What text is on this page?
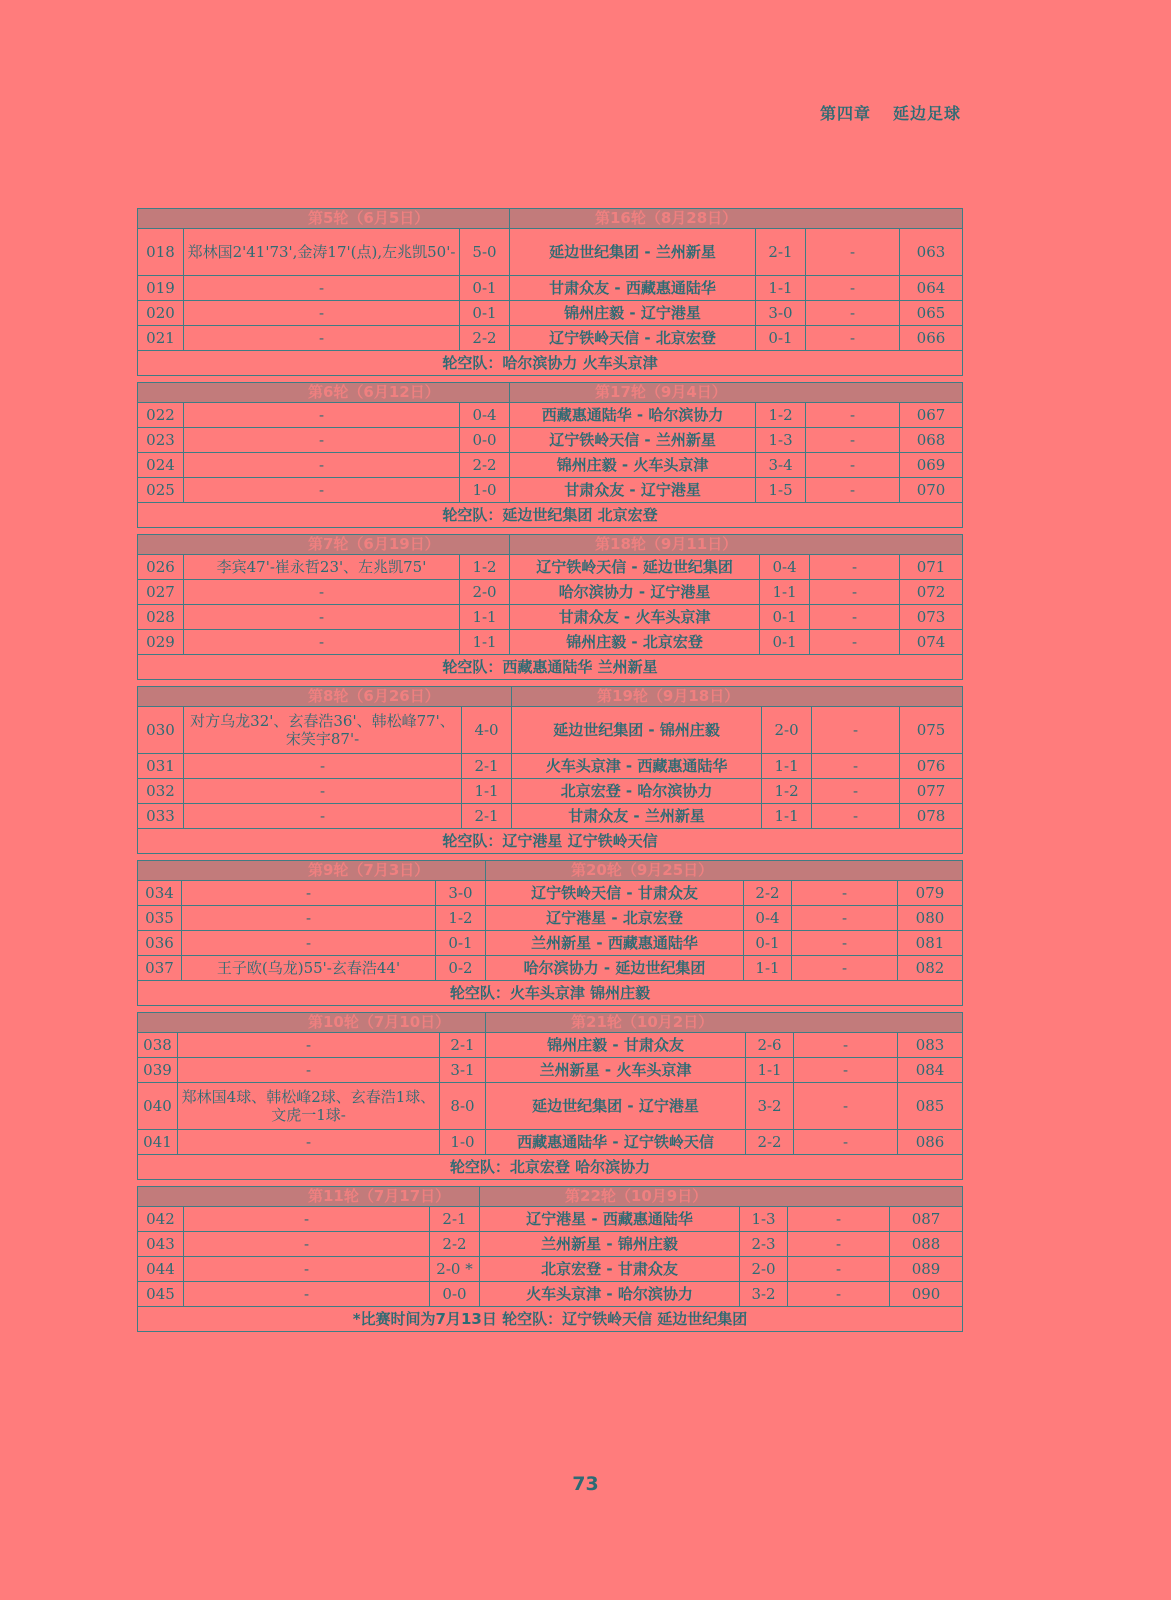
第四章 延边足球
第5轮（6月5日）			第16轮（8月28日）			
018	郑林国2'41'73',金涛17'(点),左兆凯50'-	5-0	延边世纪集团 - 兰州新星	2-1	-	063
019	-	0-1	甘肃众友 - 西藏惠通陆华	1-1	-	064
020	-	0-1	锦州庄毅 - 辽宁港星	3-0	-	065
021	-	2-2	辽宁铁岭天信 - 北京宏登	0-1	-	066
轮空队：哈尔滨协力 火车头京津						
第6轮（6月12日）			第17轮（9月4日）			
022	-	0-4	西藏惠通陆华 - 哈尔滨协力	1-2	-	067
023	-	0-0	辽宁铁岭天信 - 兰州新星	1-3	-	068
024	-	2-2	锦州庄毅 - 火车头京津	3-4	-	069
025	-	1-0	甘肃众友 - 辽宁港星	1-5	-	070
轮空队：延边世纪集团 北京宏登						
第7轮（6月19日）			第18轮（9月11日）			
026	李宾47'-崔永哲23'、左兆凯75'	1-2	辽宁铁岭天信 - 延边世纪集团	0-4	-	071
027	-	2-0	哈尔滨协力 - 辽宁港星	1-1	-	072
028	-	1-1	甘肃众友 - 火车头京津	0-1	-	073
029	-	1-1	锦州庄毅 - 北京宏登	0-1	-	074
轮空队：西藏惠通陆华 兰州新星						
第8轮（6月26日）			第19轮（9月18日）			
030	对方乌龙32'、玄春浩36'、韩松峰77'、宋笑宇87'-	4-0	延边世纪集团 - 锦州庄毅	2-0	-	075
031	-	2-1	火车头京津 - 西藏惠通陆华	1-1	-	076
032	-	1-1	北京宏登 - 哈尔滨协力	1-2	-	077
033	-	2-1	甘肃众友 - 兰州新星	1-1	-	078
轮空队：辽宁港星 辽宁铁岭天信						
第9轮（7月3日）			第20轮（9月25日）			
034	-	3-0	辽宁铁岭天信 - 甘肃众友	2-2	-	079
035	-	1-2	辽宁港星 - 北京宏登	0-4	-	080
036	-	0-1	兰州新星 - 西藏惠通陆华	0-1	-	081
037	王子欧(乌龙)55'-玄春浩44'	0-2	哈尔滨协力 - 延边世纪集团	1-1	-	082
轮空队：火车头京津 锦州庄毅						
第10轮（7月10日）			第21轮（10月2日）			
038	-	2-1	锦州庄毅 - 甘肃众友	2-6	-	083
039	-	3-1	兰州新星 - 火车头京津	1-1	-	084
040	郑林国4球、韩松峰2球、玄春浩1球、文虎一1球-	8-0	延边世纪集团 - 辽宁港星	3-2	-	085
041	-	1-0	西藏惠通陆华 - 辽宁铁岭天信	2-2	-	086
轮空队：北京宏登 哈尔滨协力						
第11轮（7月17日）			第22轮（10月9日）			
042	-	2-1	辽宁港星 - 西藏惠通陆华	1-3	-	087
043	-	2-2	兰州新星 - 锦州庄毅	2-3	-	088
044	-	2-0 *	北京宏登 - 甘肃众友	2-0	-	089
045	-	0-0	火车头京津 - 哈尔滨协力	3-2	-	090
*比赛时间为7月13日 轮空队：辽宁铁岭天信 延边世纪集团						
73
